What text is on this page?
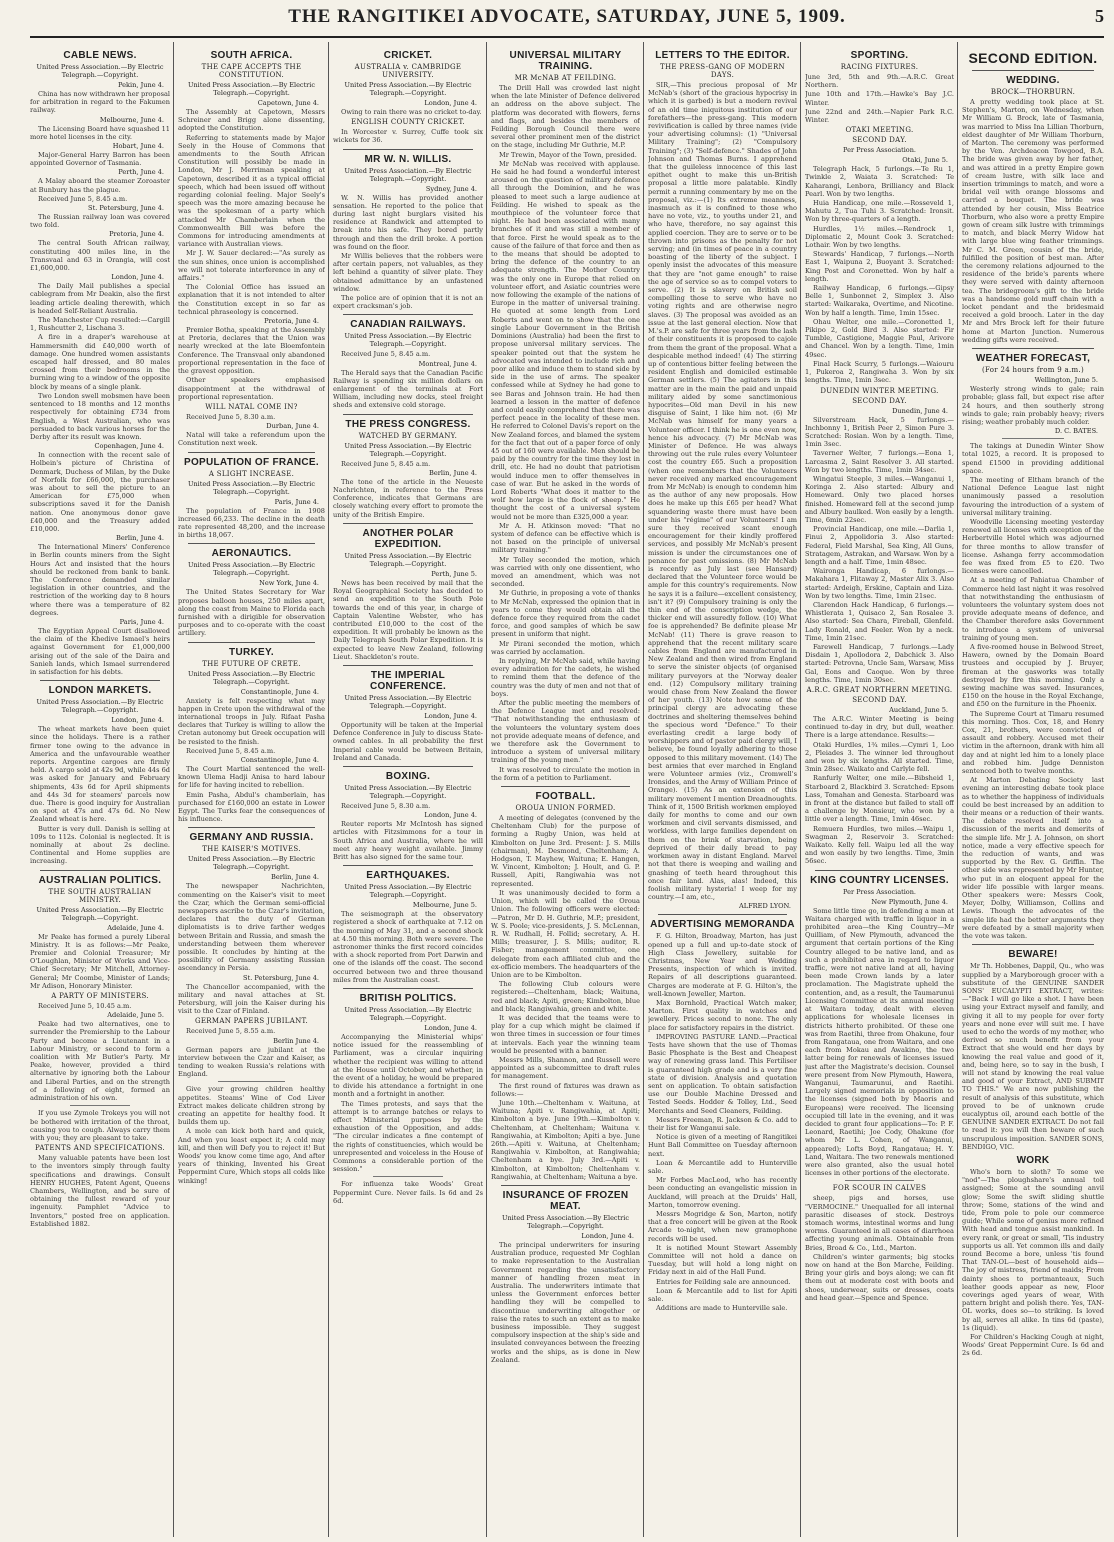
THE RANGITIKEI ADVOCATE, SATURDAY, JUNE 5, 1909.	5
CABLE NEWS.
United Press Association.—By Electric Telegraph.—Copyright.
Pekin, June 4.
China has now withdrawn her proposal for arbitration in regard to the Fakumen railway.
Melbourne, June 4.
The Licensing Board have squashed 11 more hotel licenses in the city.
Hobart, June 4.
Major-General Harry Barron has been appointed Governor of Tasmania.
Perth, June 4.
A Malay aboard the steamer Zoroaster at Bunbury has the plague.
Received June 5, 8.45 a.m.
St. Petersburg, June 4.
The Russian railway loan was covered two fold.
Pretoria, June 4.
The central South African railway, constituting 400 miles line, in the Transvaal and 63 in Orangia, will cost £1,600,000.
London, June 4.
The Daily Mail publishes a special cablegram from Mr Deakin, also the first leading article dealing therewith, which is headed Self-Reliant Australia.
The Manchester Cup resulted:—Cargill 1, Rushcutter 2, Lischana 3.
A fire in a draper's warehouse at Hammersmith did £40,000 worth of damage. One hundred women assistants escaped half dressed, and 80 males crossed from their bedrooms in the burning wing to a window of the opposite block by means of a single plank.
Two London swell mobsmen have been sentenced to 18 months and 12 months respectively for obtaining £734 from English, a West Australian, who was persuaded to back various horses for the Derby after its result was known.
Copenhagen, June 4.
In connection with the recent sale of Holbein's picture of Christina of Denmark, Duchess of Milan, by the Duke of Norfolk for £66,000, the purchaser was about to sell the picture to an American for £75,000 when subscriptions saved it for the Danish nation. One anonymous donor gave £40,000 and the Treasury added £10,000.
Berlin, June 4.
The International Miners' Conference in Berlin counts miners from the Sight Hours Act and insisted that the hours should be reckoned from bank to bank. The Conference demanded similar legislation in other countries, and the restriction of the working day to 8 hours where there was a temperature of 82 degrees.
Paris, June 4.
The Egyptian Appeal Court disallowed the claim of the Khedive Ismael's heirs against Government for £1,000,000 arising out of the sale of the Daira and Sanieh lands, which Ismael surrendered in satisfaction for his debts.
LONDON MARKETS.
United Press Association.—By Electric Telegraph.—Copyright.
London, June 4.
The wheat markets have been quiet since the holidays. There is a rather firmer tone owing to the advance in America and the unfavourable weather reports. Argentine cargoes are firmly held. A cargo sold at 42s 9d, while 44s 6d was asked for January and February shipments, 43s 6d for April shipments and 44s 3d for steamers' parcels now due. There is good inquiry for Australian on spot at 47s and 47s 6d. No New Zealand wheat is here.
Butter is very dull. Danish is selling at 109s to 112s. Colonial is neglected. It is nominally at about 2s decline. Continental and Home supplies are increasing.
AUSTRALIAN POLITICS.
THE SOUTH AUSTRALIAN MINISTRY.
United Press Association.—By Electric Telegraph.—Copyright.
Adelaide, June 4.
Mr Peake has formed a purely Liberal Ministry. It is as follows:—Mr Peake, Premier and Colonial Treasurer; Mr O'Loughlan, Minister of Works and Vice-Chief Secretary; Mr Mitchell, Attorney-General; Mr Coombe, Minister of Lands; Mr Adison, Honorary Minister.
A PARTY OF MINISTERS.
Received June 5, 10.45 a.m.
Adelaide, June 5.
Peake had two alternatives, one to surrender the Premiership to the Labour Party and become a Lieutenant in a Labour Ministry, or second to form a coalition with Mr Butler's Party. Mr Peake, however, provided a third alternative by ignoring both the Labour and Liberal Parties, and on the strength of a following of eight, formed an administration of his own.
If you use Zymole Trokeys you will not be bothered with irritation of the throat, causing you to cough. Always carry them with you; they are pleasant to take.
PATENTS AND SPECIFICATIONS.
Many valuable patents have been lost to the inventors simply through faulty specifications and drawings. Consult HENRY HUGHES, Patent Agent, Queens Chambers, Wellington, and be sure of obtaining the fullest reward of your ingenuity. Pamphlet "Advice to Inventors," posted free on application. Established 1882.
SOUTH AFRICA.
THE CAPE ACCEPTS THE CONSTITUTION.
United Press Association.—By Electric Telegraph.—Copyright.
Capetown, June 4.
The Assembly at Capetown, Messrs Schreiner and Brigg alone dissenting, adopted the Constitution.
Referring to statements made by Major Seely in the House of Commons that amendments to the South African Constitution will possibly be made in London, Mr J. Merriman speaking at Capetown, described it as a typical official speech, which had been issued off without regarding colonial feeling. Major Seely's speech was the more amazing because he was the spokesman of a party which attacked Mr Chamberlain when the Commonwealth Bill was before the Commons for introducing amendments at variance with Australian views.
Mr J. W. Sauer declared:—"As surely as the sun shines, once union is accomplished we will not tolerate interference in any of affairs."
The Colonial Office has issued an explanation that it is not intended to alter the Constitution except in so far as technical phraseology is concerned.
Pretoria, June 4.
Premier Botha, speaking at the Assembly at Pretoria, declares that the Union was nearly wrecked at the late Bloemfontein Conference. The Transvaal only abandoned proportional representation in the face of the gravest opposition.
Other speakers emphasised disappointment at the withdrawal of proportional representation.
WILL NATAL COME IN?
Received June 5, 8.30 a.m.
Durban, June 4.
Natal will take a referendum upon the Constitution next week.
POPULATION OF FRANCE.
A SLIGHT INCREASE.
United Press Association.—By Electric Telegraph.—Copyright.
Paris, June 4.
The population of France in 1908 increased 66,233. The decline in the death rate represented 48,200, and the increase in births 18,067.
AERONAUTICS.
United Press Association.—By Electric Telegraph.—Copyright.
New York, June 4.
The United States Secretary for War proposes balloon houses, 250 miles apart, along the coast from Maine to Florida each furnished with a dirigible for observation purposes and to co-operate with the coast artillery.
TURKEY.
THE FUTURE OF CRETE.
United Press Association.—By Electric Telegraph.—Copyright.
Constantinople, June 4.
Anxiety is felt respecting what may happen in Crete upon the withdrawal of the international troops in July. Rifaat Pasha declares that Turkey is willing to allow the Cretan autonomy but Greek occupation will be resisted to the finish.
Received June 5, 8.45 a.m.
Constantinople, June 4.
The Court Martial sentenced the well-known Ulema Hadji Anisa to hard labour for life for having incited to rebellion.
Emin Pasha, Abdul's chamberlain, has purchased for £160,000 an estate in Lower Egypt. The Turks fear the consequences of his influence.
GERMANY AND RUSSIA.
THE KAISER'S MOTIVES.
United Press Association.—By Electric Telegraph.—Copyright.
Berlin, June 4.
The newspaper Nachrichten, commenting on the Kaiser's visit to meet the Czar, which the German semi-official newspapers ascribe to the Czar's invitation, declares that the duty of German diplomatists is to drive farther wedges between Britain and Russia, and smash the understanding between them wherever possible. It concludes by hinting at the possibility of Germany assisting Russian ascendancy in Persia.
St. Petersburg, June 4.
The Chancellor accompanied, with the military and naval attaches at St. Petersburg, will join the Kaiser during his visit to the Czar of Finland.
GERMAN PAPERS JUBILANT.
Received June 5, 8.55 a.m.
Berlin June 4.
German papers are jubilant at the interview between the Czar and Kaiser, as tending to weaken Russia's relations with England.
Give your growing children healthy appetites. Steams' Wine of Cod Liver Extract makes delicate children strong by creating an appetite for healthy food. It builds them up.
A mole can kick both hard and quick, And when you least expect it; A cold may kill, and then will Defy you to reject it! But Woods' you know come time ago, And after years of thinking, Invented his Great Peppermint Cure, Which stops all colds like winking!
CRICKET.
AUSTRALIA v. CAMBRIDGE UNIVERSITY.
United Press Association.—By Electric Telegraph.—Copyright.
London, June 4.
Owing to rain there was no cricket to-day.
ENGLISH COUNTY CRICKET.
In Worcester v. Surrey, Cuffe took six wickets for 36.
MR W. N. WILLIS.
United Press Association.—By Electric Telegraph.—Copyright.
Sydney, June 4.
W. N. Willis has provided another sensation. He reported to the police that during last night burglars visited his residence at Randwick and attempted to break into his safe. They bored partly through and then the drill broke. A portion was found on the floor.
Mr Willis believes that the robbers were after certain papers, not valuables, as they left behind a quantity of silver plate. They obtained admittance by an unfastened window.
The police are of opinion that it is not an expert cracksman's job.
CANADIAN RAILWAYS.
United Press Association.—By Electric Telegraph.—Copyright.
Received June 5, 8.45 a.m.
Montreal, June 4.
The Herald says that the Canadian Pacific Railway is spending six million dollars on enlargement of the terminals at Fort William, including new docks, steel freight sheds and extensive cold storage.
THE PRESS CONGRESS.
WATCHED BY GERMANY.
United Press Association.—By Electric Telegraph.—Copyright.
Received June 5, 8.45 a.m.
Berlin, June 4.
The tone of the article in the Neueste Nachrichten, in reference to the Press Conference, indicates that Germans are closely watching every effort to promote the unity of the British Empire.
ANOTHER POLAR EXPEDITION.
United Press Association.—By Electric Telegraph.—Copyright.
Perth, June 5.
News has been received by mail that the Royal Geographical Society has decided to send an expedition to the South Pole towards the end of this year, in charge of Captain Valentine Webster, who has contributed £10,000 to the cost of the expedition. It will probably be known as the Daily Telegraph South Polar Expedition. It is expected to leave New Zealand, following Lieut. Shackleton's route.
THE IMPERIAL CONFERENCE.
United Press Association.—By Electric Telegraph.—Copyright.
London, June 4.
Opportunity will be taken at the Imperial Defence Conference in July to discuss State-owned cables. In all probability the first Imperial cable would be between Britain, Ireland and Canada.
BOXING.
United Press Association.—By Electric Telegraph.—Copyright.
Received June 5, 8.30 a.m.
London, June 4.
Reuter reports Mr McIntosh has signed articles with Fitzsimmons for a tour in South Africa and Australia, where he will meet any heavy weight available. Jimmy Britt has also signed for the same tour.
EARTHQUAKES.
United Press Association.—By Electric Telegraph.—Copyright.
Melbourne, June 5.
The seismograph at the observatory registered a shock of earthquake at 7.12 on the morning of May 31, and a second shock at 4.50 this morning. Both were severe. The astronomer thinks the first record coincides with a shock reported from Port Darwin and one of the islands off the coast. The second occurred between two and three thousand miles from the Australian coast.
BRITISH POLITICS.
United Press Association.—By Electric Telegraph.—Copyright.
London, June 4.
Accompanying the Ministerial whips' notice issued for the reassembling of Parliament, was a circular inquiring whether the recipient was willing to attend at the House until October, and whether, in the event of a holiday, he would be prepared to divide his attendance a fortnight in one month and a fortnight in another.
The Times protests, and says that the attempt is to arrange batches or relays to effect Ministerial purposes by the exhaustion of the Opposition, and adds: "The circular indicates a fine contempt of the rights of constituencies, which would be unrepresented and voiceless in the House of Commons a considerable portion of the session."
For influenza take Woods' Great Peppermint Cure. Never fails. Is 6d and 2s 6d.
UNIVERSAL MILITARY TRAINING.
MR McNAB AT FEILDING.
The Drill Hall was crowded last night when the late Minister of Defence delivered an address on the above subject. The platform was decorated with flowers, ferns and flags, and besides the members of Feilding Borough Council there were several other prominent men of the district on the stage, including Mr Guthrie, M.P.
Mr Trewin, Mayor of the Town, presided.
Mr McNab was received with applause. He said he had found a wonderful interest aroused on the question of military defence all through the Dominion, and he was pleased to meet such a large audience at Feilding. He wished to speak as the mouthpiece of the volunteer force that night. He had been associated with many branches of it and was still a member of that force. First he would speak as to the cause of the failure of that force and then as to the means that should be adopted to bring the defence of the country to an adequate strength. The Mother Country was the only one in Europe that relied on volunteer effort, and Asiatic countries were now following the example of the nations of Europe in the matter of universal training. He quoted at some length from Lord Roberts and went on to show that the one single Labour Government in the British Dominions (Australia) had been the first to propose universal military services. The speaker pointed out that the system he advocated was intended to include rich and poor alike and induce them to stand side by side in the use of arms. The speaker confessed while at Sydney he had gone to see Baras and Johnson train. He had then learned a lesson in the matter of defence and could easily comprehend that there was perfect peace in the locality of these men. He referred to Colonel Davis's report on the New Zealand forces, and blamed the system for the fact that out of a paper force of only 45 out of 160 were available. Men should be paid by the country for the time they lost in drill, etc. He had no doubt that patriotism would induce men to offer themselves in case of war. But he asked in the words of Lord Roberts "What does it matter to the wolf how large is the flock of sheep." He thought the cost of a universal system would not be more than £325,000 a year.
Mr A. H. Atkinson moved: "That no system of defence can be effective which is not based on the principle of universal military training."
Mr Tolley seconded the motion, which was carried with only one dissentient, who moved an amendment, which was not seconded.
Mr Guthrie, in proposing a vote of thanks to Mr McNab, expressed the opinion that in years to come they would obtain all the defence force they required from the cadet force, and good samples of which be saw present in uniform that night.
Mr Pirani seconded the motion, which was carried by acclamation.
In replying, Mr McNab said, while having every admiration for the cadets, he wished to remind them that the defence of the country was the duty of men and not that of boys.
After the public meeting the members of the Defence League met and resolved: "That notwithstanding the enthusiasm of the volunteers the voluntary system does not provide adequate means of defence, and we therefore ask the Government to introduce a system of universal military training of the young men."
It was resolved to circulate the motion in the form of a petition to Parliament.
FOOTBALL.
OROUA UNION FORMED.
A meeting of delegates (convened by the Cheltenham Club) for the purpose of forming a Rugby Union, was held at Kimbolton on June 3rd. Present: J. S. Mills (chairman), M. Desmond, Cheltenham; A. Hodgson, T. Mayhew, Waituna; E. Hangen, W. Vincent, Kimbolton; J. Hoult, and G. P. Russell, Apiti, Rangiwahia was not represented.
It was unanimously decided to form a Union, which will be called the Oroua Union. The following officers were elected:—Patron, Mr D. H. Guthrie, M.P.; president, W. S. Poole; vice-presidents, J. S. McLennan, R. W. Rudhall, H. Follid; secretary, A. H. Mills; treasurer, J. S. Mills; auditor, R. Fisher; management committee, one delegate from each affiliated club and the ex-officio members. The headquarters of the Union are to be Kimbolton.
The following Club colours were registered:—Cheltenham, black; Waituna, red and black; Apiti, green; Kimbolton, blue and black; Rangiwahia, green and white.
It was decided that the teams were to play for a cup which might be claimed if won three times in succession or four times at intervals. Each year the winning team would be presented with a banner.
Messrs Mills, Shannon, and Russell were appointed as a subcommittee to draft rules for management.
The first round of fixtures was drawn as follows:—
June 10th.—Cheltenham v. Waituna, at Waituna; Apiti v. Rangiwahia, at Apiti; Kimbolton a bye. June 19th.—Kimbolton v. Cheltenham, at Cheltenham; Waituna v. Rangiwahia, at Kimbolton; Apiti a bye. June 26th.—Apiti v. Waituna, at Cheltenham; Rangiwahia v. Kimbolton, at Rangiwahia; Cheltenham a bye. July 3rd.—Apiti v. Kimbolton, at Kimbolton; Cheltenham v. Rangiwahia, at Cheltenham; Waituna a bye.
INSURANCE OF FROZEN MEAT.
United Press Association.—By Electric Telegraph.—Copyright.
London, June 4.
The principal underwriters for insuring Australian produce, requested Mr Coghlan to make representation to the Australian Government regarding the unsatisfactory manner of handling frozen meat in Australia. The underwriters intimate that unless the Government enforces better handling they will be compelled to discontinue underwriting altogether or raise the rates to such an extent as to make business impossible. They suggest compulsory inspection at the ship's side and insulated conveyances between the freezing works and the ships, as is done in New Zealand.
LETTERS TO THE EDITOR.
THE PRESS-GANG OF MODERN DAYS.
SIR,—This precious proposal of Mr McNab's (short of the gracious hypocrisy in which it is garbed) is but a modern revival of an old time iniquitous institution of our forefathers—the press-gang. This modern revivification is called by three names (vide your advertising columns): (1) "Universal Military Training"; (2) "Compulsory Training"; (3) "Self-defence." Shades of John Johnson and Thomas Burns. I apprehend that the guileless innocence of this last epithet ought to make this un-British proposal a little more palatable. Kindly permit a running commentary by me on the proposal, viz.:—(1) Its extreme meanness, inasmuch as it is confined to those who have no vote, viz., to youths under 21, and who have, therefore, no say against this applied coercion. They are to serve or to be thrown into prisons as the penalty for not serving; and (in times of peace in a country boasting of the liberty of the subject. I openly insist the advocates of this measure that they are "not game enough" to raise the age of service so as to compel voters to serve. (2) It is slavery on British soil compelling those to serve who have no voting rights and are otherwise negro slaves. (3) The proposal was avoided as an issue at the last general election. Now that M.'s.P. are safe for three years from the lash of their constituents it is proposed to cajole from them the grant of the proposal. What a despicable method indeed! (4) The stirring up of contentious bitter feeling between the resident English and domiciled estimable German settlers. (5) The agitators in this matter are in the main the paid and unpaid military aided by some sanctimonious hypocrites—Old man Devil in his new disguise of Saint, I like him not. (6) Mr McNab was himself for many years a Volunteer officer. I think he is one even now, hence his advocacy. (7) Mr McNab was Minister of Defence. He was always throwing out the rule rules every Volunteer cost the country £65. Such a proposition (when one remembers that the Volunteers never received any marked encouragement from Mr McNab) is enough to condemn him as the author of any new proposals. How does he make up this £65 per head? What squandering waste there must have been under his "régime" of our Volunteers! I am sure they received scant enough encouragement for their kindly proffered services, and possibly Mr McNab's present mission is under the circumstances one of penance for past omissions. (8) Mr McNab is recently as July last (see Hansard) declared that the Volunteer force would be ample for this country's requirements. Now he says it is a failure—excellent consistency, isn't it? (9) Compulsory training is only the thin end of the conscription wedge, the thicker end will assuredly follow. (10) What foe is apprehended? Be definite please Mr McNab! (11) There is grave reason to apprehend that the recent military scare cables from England are manufactured in New Zealand and then wired from England to serve the sinister objects (of organised military purveyors at the 'Norway dealer end. (12) Compulsory military training would chase from New Zealand the flower of her youth. (13) Note how some of the principal clergy are advocating these doctrines and sheltering themselves behind the specious word "Defence." To their everlasting credit a large body of worshippers and of pastor paid clergy will, I believe, be found loyally adhering to those opposed to this military movement. (14) The best armies that ever marched in England were Volunteer armies (viz., Cromwell's Ironsides, and the Army of William Prince of Orange). (15) As an extension of this military movement I mention Dreadnoughts. Think of it, 1500 British workmen employed daily for months to come and our own workmen and civil servants dismissed, and workless, with large families dependent on them on the brink of starvation, being deprived of their daily bread to pay workmen away in distant England. Marvel not that there is weeping and wailing and gnashing of teeth heard throughout this once fair land. Alas, alas! Indeed, this foolish military hysteria! I weep for my country.—I am, etc.,
ALFRED LYON.
ADVERTISING MEMORANDA
F. G. Hilton, Broadway, Marton, has just opened up a full and up-to-date stock of High Class Jewellery, suitable for Christmas, New Year and Wedding Presents, inspection of which is invited. Repairs of all descriptions guaranteed. Charges are moderate at F. G. Hilton's, the well-known Jeweller, Marton.
Max Bornhold, Practical Watch maker, Marton. First quality in watches and jewellery. Prices second to none. The only place for satisfactory repairs in the district.
IMPROVING PASTURE LAND.—Practical Tests have shown that the use of Thomas Basic Phosphate is the Best and Cheapest way of renewing grass land. This Fertiliser is guaranteed high grade and is a very fine state of division. Analysis and quotation sent on application. To obtain satisfaction use our Double Machine Dressed and Tested Seeds. Hodder & Tolley, Ltd., Seed Merchants and Seed Cleaners, Feilding.
Messrs Freeman, R. Jackson & Co. add to their list for Wanganui sale.
Notice is given of a meeting of Rangitikei Hunt Ball Committee on Tuesday afternoon next.
Loan & Mercantile add to Hunterville sale.
Mr Forbes MacLeod, who has recently been conducting an evangelistic mission in Auckland, will preach at the Druids' Hall, Marton, tomorrow evening.
Messrs Mogridge & Son, Marton, notify that a free concert will be given at the Rook Arcade to-night, when new gramophone records will be used.
It is notified Mount Stewart Assembly Committee will not hold a dance on Tuesday, but will hold a long night on Friday next in aid of the Hall Fund.
Entries for Feilding sale are announced.
Loan & Mercantile add to list for Apiti sale.
Additions are made to Hunterville sale.
SPORTING.
RACING FIXTURES.
June 3rd, 5th and 9th.—A.R.C. Great Northern.
June 10th and 17th.—Hawke's Bay J.C. Winter.
June 22nd and 24th.—Napier Park R.C. Winter.
OTAKI MEETING.
SECOND DAY.
Per Press Association.
Otaki, June 5.
Telegraph Hack, 5 furlongs.—Te Ru 1, Twinkle 2, Waiata 3. Scratched: Te Kaharangi, Lenbora, Brilliancy and Black Pearl. Won by two lengths.
Huia Handicap, one mile.—Rosseveld 1, Mahutu 2, Tua Tuhi 3. Scratched: Ironsit. Won by three-quarters of a length.
Hurdles, 1½ miles.—Rendrock 1, Diplomatic 2, Mount Cook 3. Scratched: Lothair. Won by two lengths.
Stewards' Handicap, 7 furlongs.—North East 1, Waipuna 2, Buoyant 3. Scratched: King Post and Coronetted. Won by half a length.
Railway Handicap, 6 furlongs.—Gipsy Belle 1, Sunbonnet 2, Simplex 3. Also started: Waikaraka, Overtime, and Nicotine. Won by half a length. Time, 1min 15sec.
Ohau Welter, one mile.—Coronetted 1, Pikipo 2, Gold Bird 3. Also started: Fir Tumble, Castigione, Maggie Paul, Arivore and Chancel. Won by a length. Time, 1min 49sec.
Final Hack Scurry, 5 furlongs.—Waiouru 1, Pukeroa 2, Rangiwaha 3. Won by six lengths. Time, 1min 3sec.
DUNEDIN WINTER MEETING.
SECOND DAY.
Dunedin, June 4.
Silverstream Hack, 5 furlongs.—Inchbonny 1, British Peer 2, Simon Pure 3. Scratched: Rosian. Won by a length. Time, 1min 3sec.
Taverner Welter, 7 furlongs.—Eona 1, Larcasma 2, Saint Resolver 3. All started. Won by two lengths. Time, 1min 34sec.
Wingatui Steeple, 3 miles.—Wanganui 1, Koringa 2. Also started: Albury and Homeward. Only two placed horses finished. Homeward fell at the second jump and Albury baulked. Won easily by a length. Time, 6min 22sec.
Provincial Handicap, one mile.—Darlia 1, Finui 2, Appolidoria 3. Also started: Federal, Field Marshal, Sea King, All Guns, Stratagem, Astrakan, and Warsaw. Won by a length and a half. Time, 1min 48sec.
Waironga Handicap, 6 furlongs.—Makahara 1, Flitaway 2, Master Alix 3. Also started: Ardeigh, Erskine, Captain and Liza. Won by two lengths. Time, 1min 21sec.
Clarendon Hack Handicap, 6 furlongs.—Whistlerata 1, Quisaco 2, San Rosalee 3. Also started: Sea Chara, Fireball, Glenfeld. Lady Ronald, and Feeler. Won by a neck. Time, 1min 21sec.
Farewell Handicap, 7 furlongs.—Lady Disdain 1, Apollodora 2, Dabchick 3. Also started: Petrovna, Uncle Sam, Warsaw, Miss Gal, Eons and Caoque. Won by three lengths. Time, 1min 30sec.
A.R.C. GREAT NORTHERN MEETING.
SECOND DAY.
Auckland, June 5.
The A.R.C. Winter Meeting is being continued to-day in dry, but dull, weather. There is a large attendance. Results:—
Otaki Hurdles, 1¾ miles.—Cymri 1, Loo 2, Pleiades 3. The winner led throughout and won by six lengths. All started. Time, 3min 28sec. Waikato and Carlyle fell.
Ranfurly Welter, one mile.—Bibsheid 1, Starboard 2, Blackbird 3. Scratched: Epsom Lass, Tomahan and Genesta. Starboard was in front at the distance but failed to stall off a challenge by Monsieur, who won by a little over a length. Time, 1min 46sec.
Remuera Hurdles, two miles.—Waipu 1, Swagman 2, Reservoir 3. Scratched: Waikato. Kelly fell. Waipu led all the way and won easily by two lengths. Time, 3min 56sec.
KING COUNTRY LICENSES.
Per Press Association.
New Plymouth, June 4.
Some little time go, in defending a man at Waitara charged with traffic in liquor in a prohibited area—the King Country—Mr Quilliam, of New Plymouth, advanced the argument that certain portions of the King Country alleged to be native land, and as such a prohibited area in regard to liquor traffic, were not native land at all, having been made Crown lands by a later proclamation. The Magistrate upheld the contention, and, as a result, the Taumarunui Licensing Committee at its annual meeting at Waitara today, dealt with eleven applications for wholesale licenses in districts hitherto prohibited. Of these one was from Raetihi, three from Ohakune, four from Rangataua, one from Waitara, and one each from Mokau and Awakino, the two latter being for renewals of licenses issued just after the Magistrate's decision. Counsel were present from New Plymouth, Hawera, Wanganui, Taumarunui, and Raetihi. Largely signed memorials in opposition to the licenses (signed both by Maoris and Europeans) were received. The licensing occupied till late in the evening, and it was decided to grant four applications—To: P. F. Leonard, Raetihi; Joe Cody, Ohakune (for whom Mr L. Cohen, of Wanganui, appeared); Lofts Boyd, Rangataua; H. Y. Land, Waitara. The two renewals mentioned were also granted, also the usual hotel licenses in other portions of the electorate.
FOR SCOUR IN CALVES
sheep, pigs and horses, use "VERMOCINE." Unequalled for all internal parasitic diseases of stock. Destroys stomach worms, intestinal worms and lung worms. Guaranteed in all cases of diarrhoea affecting young animals. Obtainable from Bries, Broad & Co., Ltd., Marton.
Children's winter garments; big stocks now on hand at the Bon Marche, Feilding. Bring your girls and boys along; we can fit them out at moderate cost with boots and shoes, underwear, suits or dresses, coats and head gear.—Spence and Spence.
SECOND EDITION.
WEDDING.
BROCK—THORBURN.
A pretty wedding took place at St. Stephen's, Marton, on Wednesday, when Mr William G. Brock, late of Tasmania, was married to Miss Ina Lillian Thorburn, eldest daughter of Mr William Thorburn, of Marton. The ceremony was performed by the Ven. Archdeacon Towgood, B.A. The bride was given away by her father, and was attired in a pretty Empire gown of cream lustre, with silk lace and insertion trimmings to match, and wore a bridal veil with orange blossoms and carried a bouquet. The bride was attended by her cousin, Miss Beatrice Thorburn, who also wore a pretty Empire gown of cream silk lustre with trimmings to match, and black Merry Widow hat with large blue wing feather trimmings. Mr C. M. Green, cousin of the bride, fulfilled the position of best man. After the ceremony relations adjourned to the residence of the bride's parents where they were served with dainty afternoon tea. The bridegroom's gift to the bride was a handsome gold muff chain with a locket pendant and the bridesmaid received a gold brooch. Later in the day Mr and Mrs Brock left for their future home at Marton Junction. Numerous wedding gifts were received.
WEATHER FORECAST,
(For 24 hours from 9 a.m.)
Wellington, June 5.
Westerly strong winds to gale; rain probable; glass fall, but expect rise after 24 hours, and then southerly strong winds to gale; rain probably heavy; rivers rising; weather probably much colder.
D. C. BATES.
The takings at Dunedin Winter Show total 1025, a record. It is proposed to spend £1500 in providing additional space.
The meeting of Eltham branch of the National Defence League last night unanimously passed a resolution favouring the introduction of a system of universal military training.
Woodville Licensing meeting yesterday renewed all licenses with exception of the Herbertville Hotel which was adjourned for three months to allow transfer of license. Ashanga ferry accommodation fee was fixed from £5 to £20. Two licenses were cancelled.
At a meeting of Pahiatua Chamber of Commerce held last night it was resolved that notwithstanding the enthusiasm of volunteers the voluntary system does not provide adequate means of defence, and the Chamber therefore asks Government to introduce a system of universal training of young men.
A five-roomed house in Belwood Street, Hawera, owned by the Domain Board trustees and occupied by J. Bruyer, fireman at the gasworks was totally destroyed by fire this morning. Only a sewing machine was saved. Insurances, £150 on the house in the Royal Exchange, and £50 on the furniture in the Phoenix.
The Supreme Court at Timaru resumed this morning. Thos. Cox, 18, and Henry Cox, 21, brothers, were convicted of assault and robbery. Accused met their victim in the afternoon, drank with him all day and at night led him to a lonely place and robbed him. Judge Denniston sentenced both to twelve months.
At Marton Debating Society last evening an interesting debate took place as to whether the happiness of individuals could be best increased by an addition to their means or a reduction of their wants. The debate resolved itself into a discussion of the merits and demerits of the simple life. Mr J. A. Johnson, on short notice, made a very effective speech for the reduction of wants, and was supported by the Rev. G. Griffin. The other side was represented by Mr Hunter, who put in an eloquent appeal for the wider life possible with larger means. Other speakers were: Messrs Cook, Meyer, Dolby, Williamson, Collins and Lewis. Though the advocates of the simple life had the better arguments they were defeated by a small majority when the vote was taken.
BEWARE!
Mr Th. Hobbenes, Dappil, Qu., who was supplied by a Maryborough grocer with a substitute of the GENUINE SANDER SONS' EUCALYPTI EXTRACT, writes:—"Back I will go like a shot. I have been using your Extract myself and family, and giving it all to my people for over forty years and none ever will suit me. I have used to echo the words of my mother, who derived so much benefit from your Extract that she would end her days by knowing the real value and good of it, and, being here, so to say in the bush, I will not stand by knowing the real value and good of your Extract, AND SUBMIT TO THIS." We are now publishing the result of analysis of this substitute, which proved to be of unknown crude eucalyptus oil, around each bottle of the GENUINE SANDER EXTRACT. Do not fail to read it: you will then beware of such unscrupulous imposition. SANDER SONS, BENDIGO, VIC.
WORK
Who's born to sloth? To some we "nod"—The ploughshare's annual toil assigned; Some at the sounding anvil glow; Some the swift sliding shuttle throw; Some, stations of the wind and tide, From pole to pole our commerce guide; While some of genius more refined With head and tongue assist mankind. In every rank, or great or small, 'Tis industry supports us all. Yet common ills and daily round Become a bore, unless 'tis found That TAN-OL—best of household aids—The joy of mistress, friend of maids; From dainty shoes to portmanteaux, Such leather goods appear as new, Floor coverings aged years of wear, With pattern bright and polish there. Yes, TAN-OL works, does so—to striking. Is loved by all, serves all alike. In tins 6d (paste), 1s (liquid).
For Children's Hacking Cough at night, Woods' Great Peppermint Cure. Is 6d and 2s 6d.
